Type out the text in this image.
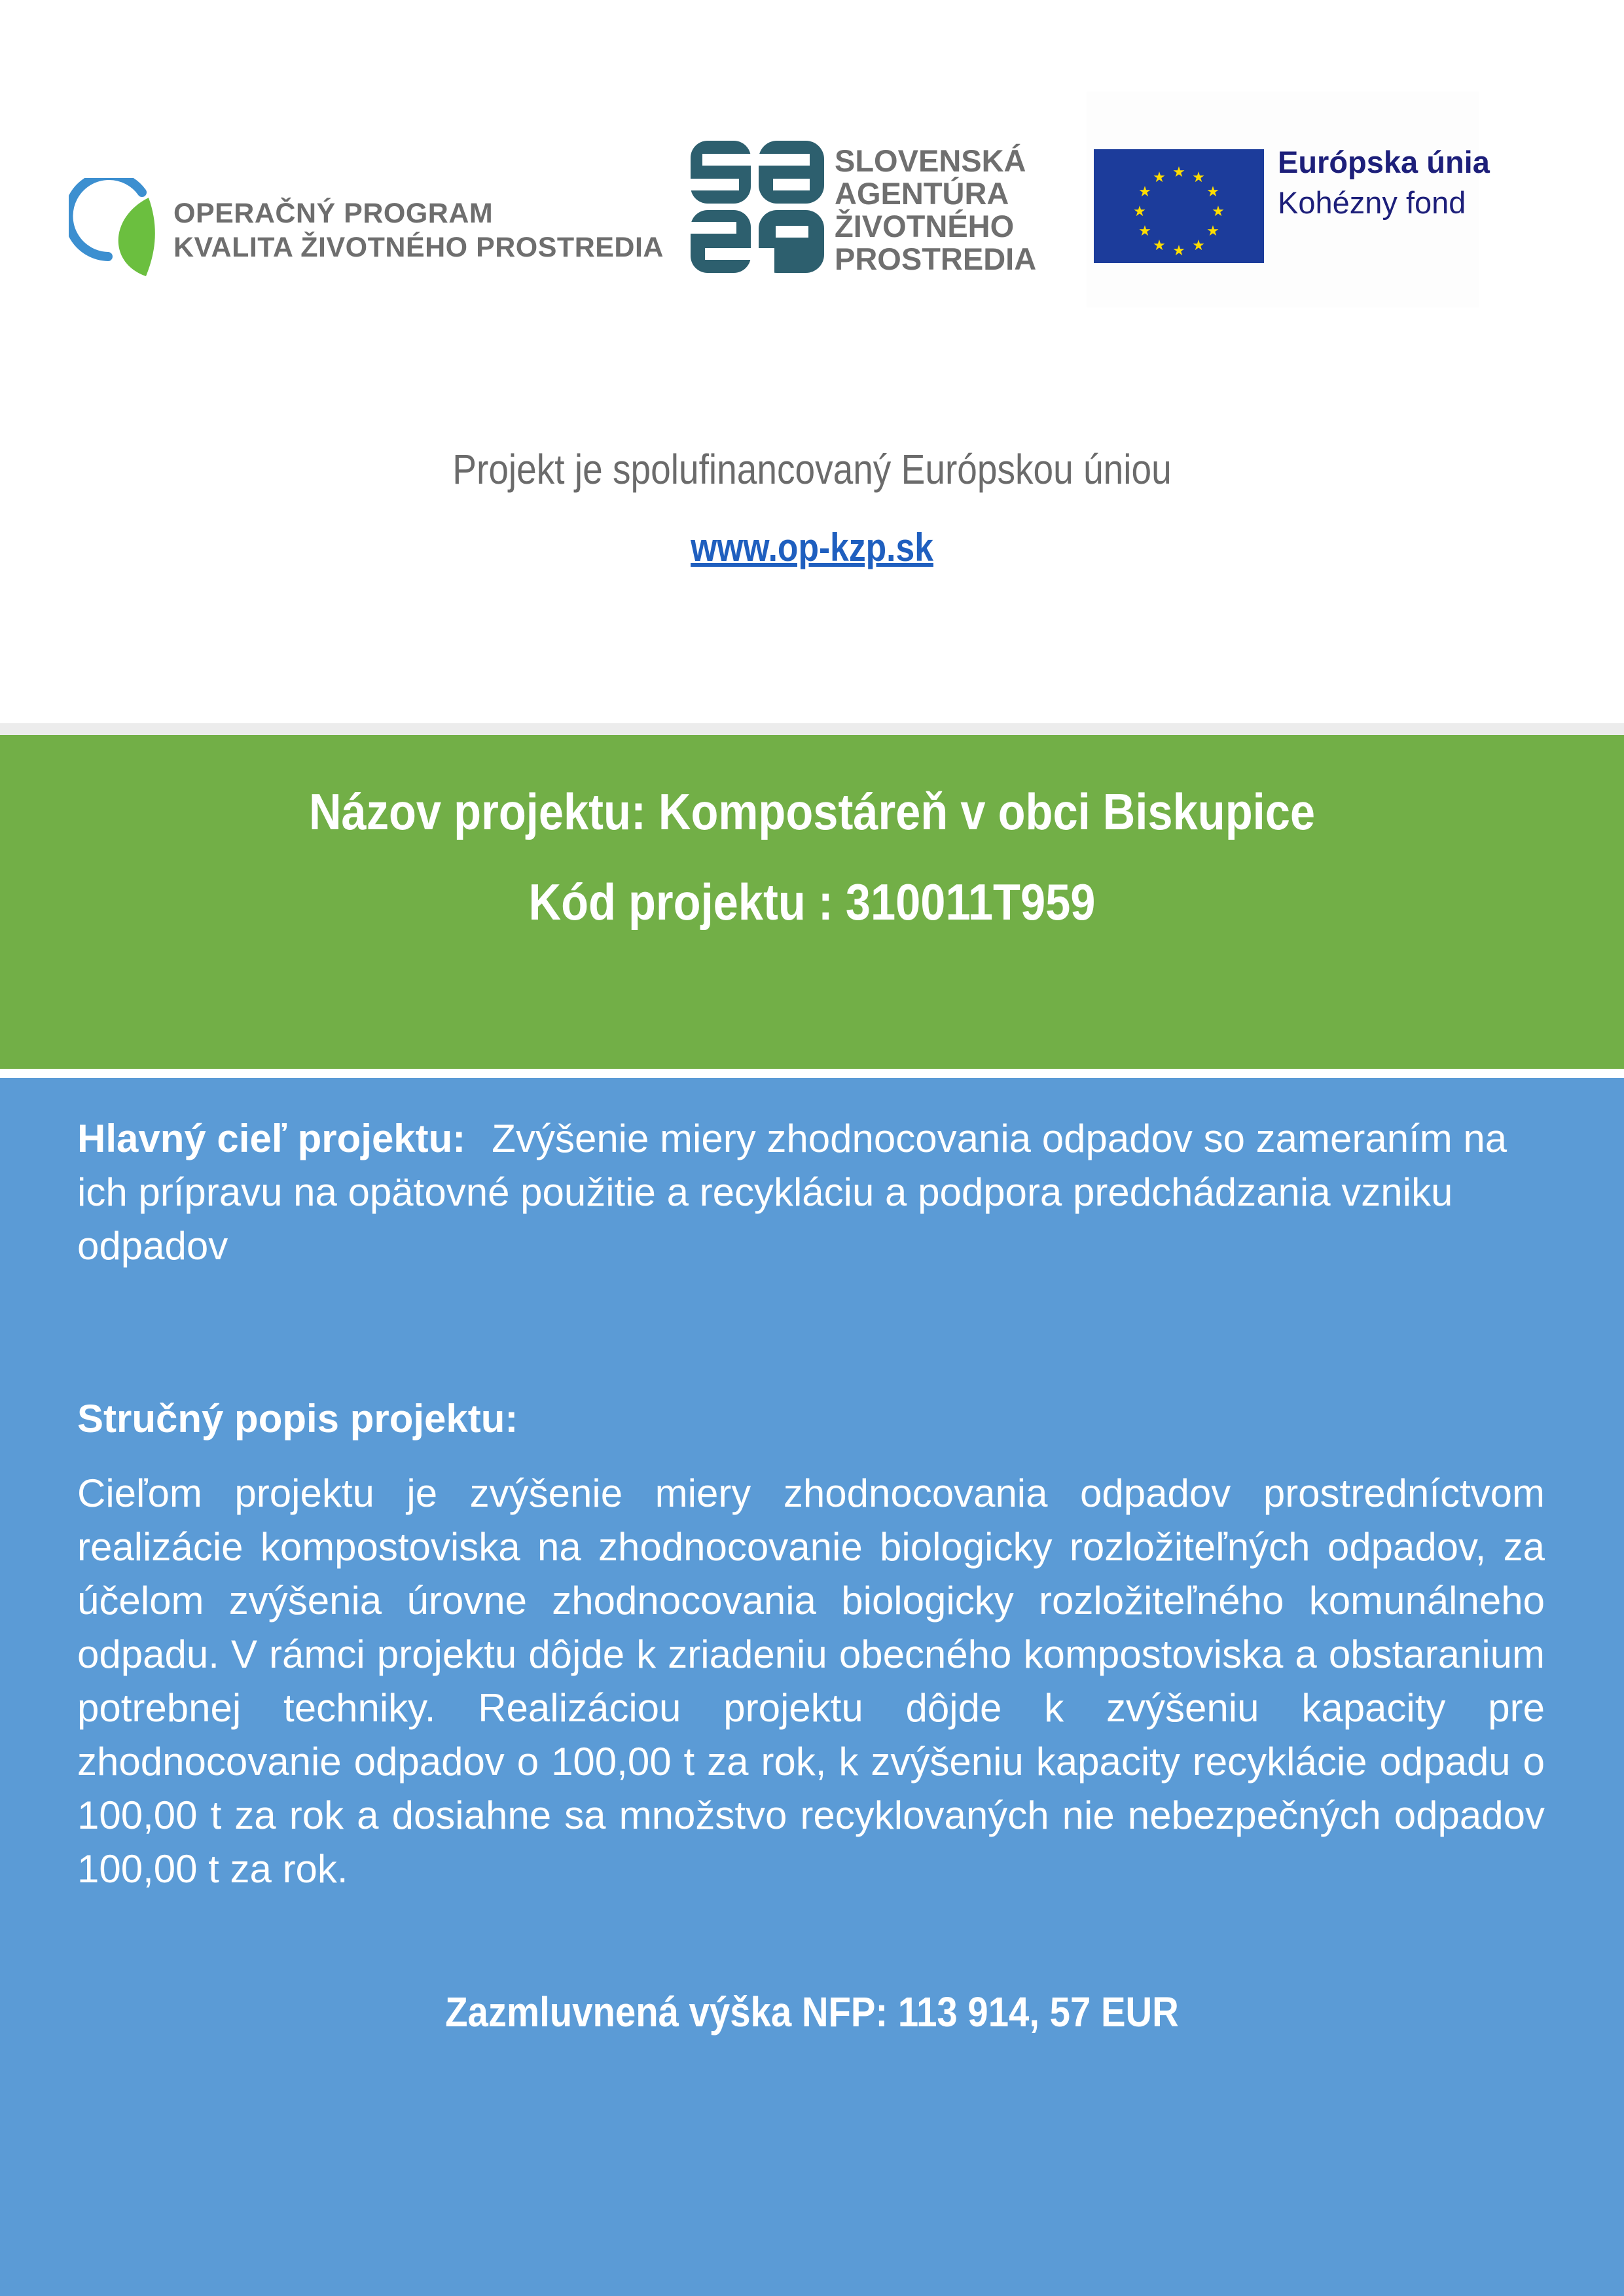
OPERAČNÝ PROGRAM
KVALITA ŽIVOTNÉHO PROSTREDIA
SLOVENSKÁ
AGENTÚRA
ŽIVOTNÉHO
PROSTREDIA
★ ★
★
★
★
★
★
★
★
★
★
★	Európska únia
Kohézny fond
Projekt je spolufinancovaný Európskou úniou
www.op-kzp.sk
Názov projektu: Kompostáreň v obci Biskupice
Kód projektu : 310011T959
Hlavný cieľ projektu: Zvýšenie miery zhodnocovania odpadov so zameraním na ich prípravu na opätovné použitie a recykláciu a podpora predchádzania vzniku odpadov
Stručný popis projektu:
Cieľom projektu je zvýšenie miery zhodnocovania odpadov prostredníctvom realizácie kompostoviska na zhodnocovanie biologicky rozložiteľných odpadov, za účelom zvýšenia úrovne zhodnocovania biologicky rozložiteľného komunálneho odpadu. V rámci projektu dôjde k zriadeniu obecného kompostoviska a obstaranium potrebnej techniky. Realizáciou projektu dôjde k zvýšeniu kapacity pre zhodnocovanie odpadov o 100,00 t za rok, k zvýšeniu kapacity recyklácie odpadu o 100,00 t za rok a dosiahne sa množstvo recyklovaných nie nebezpečných odpadov 100,00 t za rok.
Zazmluvnená výška NFP: 113 914, 57 EUR
